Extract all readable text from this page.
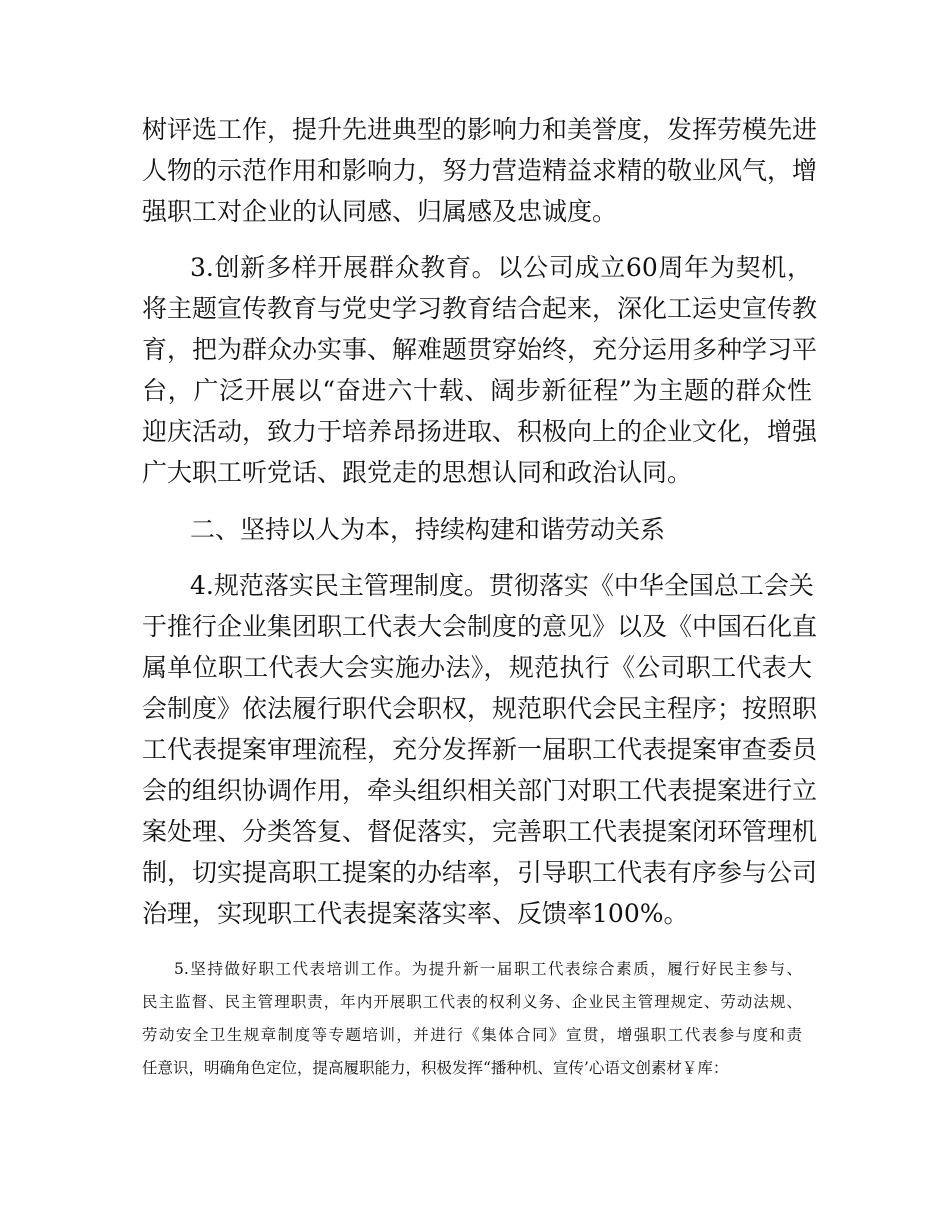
树评选工作，提升先进典型的影响力和美誉度，发挥劳模先进
人物的示范作用和影响力，努力营造精益求精的敬业风气，增
强职工对企业的认同感、归属感及忠诚度。
3.创新多样开展群众教育。以公司成立60周年为契机，
将主题宣传教育与党史学习教育结合起来，深化工运史宣传教
育，把为群众办实事、解难题贯穿始终，充分运用多种学习平
台，广泛开展以“奋进六十载、阔步新征程”为主题的群众性
迎庆活动，致力于培养昂扬进取、积极向上的企业文化，增强
广大职工听党话、跟党走的思想认同和政治认同。
二、坚持以人为本，持续构建和谐劳动关系
4.规范落实民主管理制度。贯彻落实《中华全国总工会关
于推行企业集团职工代表大会制度的意见》以及《中国石化直
属单位职工代表大会实施办法》，规范执行《公司职工代表大
会制度》依法履行职代会职权，规范职代会民主程序；按照职
工代表提案审理流程，充分发挥新一届职工代表提案审查委员
会的组织协调作用，牵头组织相关部门对职工代表提案进行立
案处理、分类答复、督促落实，完善职工代表提案闭环管理机
制，切实提高职工提案的办结率，引导职工代表有序参与公司
治理，实现职工代表提案落实率、反馈率100%。
5.坚持做好职工代表培训工作。为提升新一届职工代表综合素质，履行好民主参与、
民主监督、民主管理职责，年内开展职工代表的权利义务、企业民主管理规定、劳动法规、
劳动安全卫生规章制度等专题培训，并进行《集体合同》宣贯，增强职工代表参与度和责
任意识，明确角色定位，提高履职能力，积极发挥“播种机、宣传’心语文创素材￥库：
